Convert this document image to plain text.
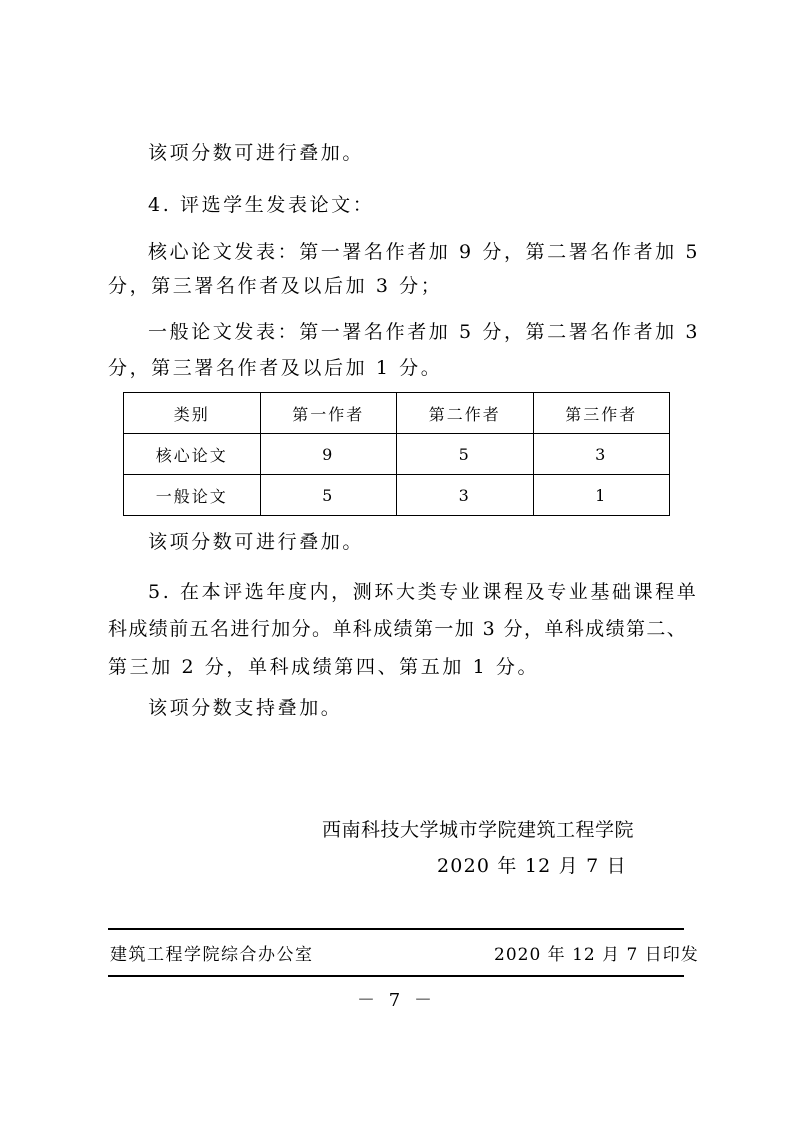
该项分数可进行叠加。
4. 评选学生发表论文：
核心论文发表：第一署名作者加 9 分，第二署名作者加 5
分，第三署名作者及以后加 3 分；
一般论文发表：第一署名作者加 5 分，第二署名作者加 3
分，第三署名作者及以后加 1 分。
类别	第一作者	第二作者	第三作者
核心论文	9	5	3
一般论文	5	3	1
该项分数可进行叠加。
5. 在本评选年度内，测环大类专业课程及专业基础课程单
科成绩前五名进行加分。单科成绩第一加 3 分，单科成绩第二、
第三加 2 分，单科成绩第四、第五加 1 分。
该项分数支持叠加。
西南科技大学城市学院建筑工程学院
2020 年 12 月 7 日
建筑工程学院综合办公室	2020 年 12 月 7 日印发
－ 7 －
